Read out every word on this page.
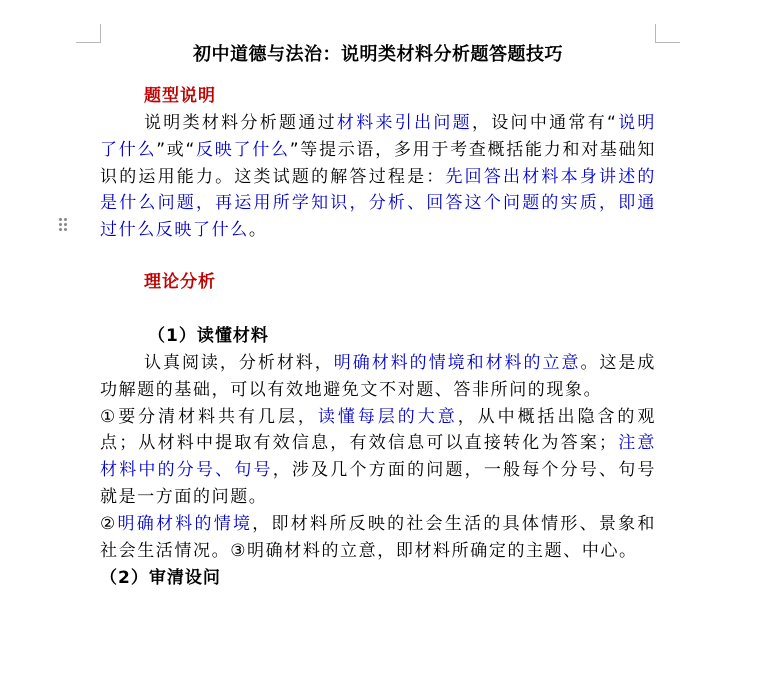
初中道德与法治：说明类材料分析题答题技巧
题型说明

说明类材料分析题通过材料来引出问题，设问中通常有“说明了什么”或“反映了什么”等提示语，多用于考查概括能力和对基础知识的运用能力。这类试题的解答过程是：先回答出材料本身讲述的是什么问题，再运用所学知识，分析、回答这个问题的实质，即通过什么反映了什么。

理论分析
（1）读懂材料

认真阅读，分析材料，明确材料的情境和材料的立意。这是成功解题的基础，可以有效地避免文不对题、答非所问的现象。

①要分清材料共有几层，读懂每层的大意，从中概括出隐含的观点；从材料中提取有效信息，有效信息可以直接转化为答案；注意材料中的分号、句号，涉及几个方面的问题，一般每个分号、句号就是一方面的问题。

②明确材料的情境，即材料所反映的社会生活的具体情形、景象和社会生活情况。③明确材料的立意，即材料所确定的主题、中心。

（2）审清设问
